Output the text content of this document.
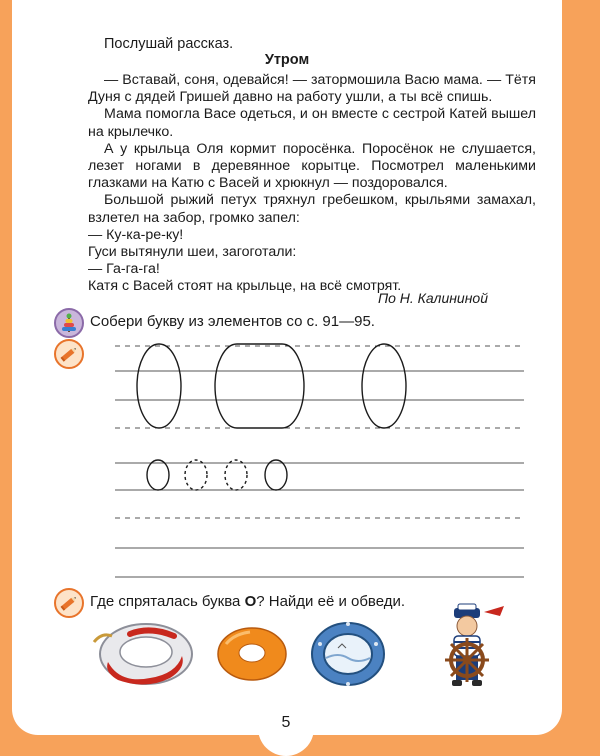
Послушай рассказ.
Утром

— Вставай, соня, одевайся! — затормошила Васю мама. — Тётя Дуня с дядей Гришей давно на работу ушли, а ты всё спишь.

Мама помогла Васе одеться, и он вместе с сестрой Катей вышел на крылечко.

А у крыльца Оля кормит поросёнка. Поросёнок не слушается, лезет ногами в деревянное корытце. Посмотрел маленькими глазками на Катю с Васей и хрюкнул — поздоровался.

Большой рыжий петух тряхнул гребешком, крыльями замахал, взлетел на забор, громко запел:

— Ку-ка-ре-ку!

Гуси вытянули шеи, загоготали:

— Га-га-га!

Катя с Васей стоят на крыльце, на всё смотрят.

По Н. Калининой
Собери букву из элементов со с. 91—95.
Где спряталась буква О? Найди её и обведи.
5
